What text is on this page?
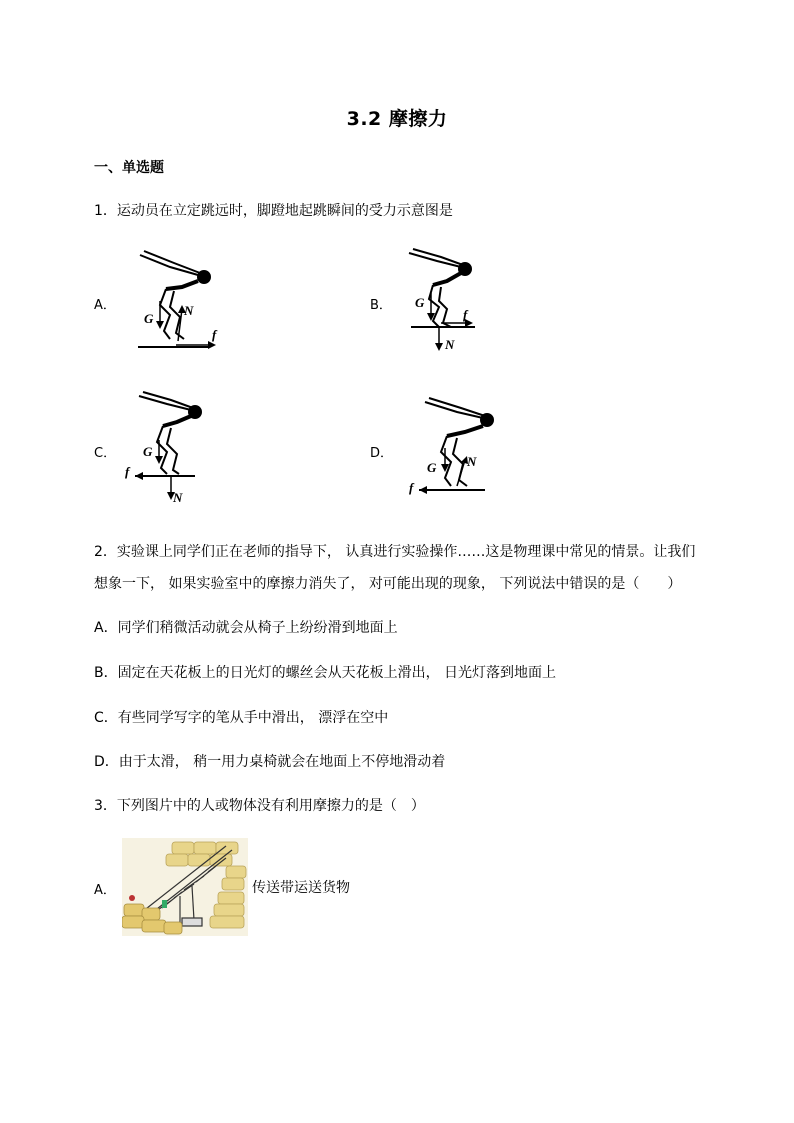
3.2 摩擦力
一、单选题
1．运动员在立定跳远时，脚蹬地起跳瞬间的受力示意图是
A．
G
N
f
B． G
N
f
C． G
N
f
D．
G N
f
2．实验课上同学们正在老师的指导下， 认真进行实验操作……这是物理课中常见的情景。让我们
想象一下， 如果实验室中的摩擦力消失了， 对可能出现的现象， 下列说法中错误的是（　　）
A．同学们稍微活动就会从椅子上纷纷滑到地面上
B．固定在天花板上的日光灯的螺丝会从天花板上滑出， 日光灯落到地面上
C．有些同学写字的笔从手中滑出， 漂浮在空中
D．由于太滑， 稍一用力桌椅就会在地面上不停地滑动着
3．下列图片中的人或物体没有利用摩擦力的是（　）
A．	传送带运送货物
